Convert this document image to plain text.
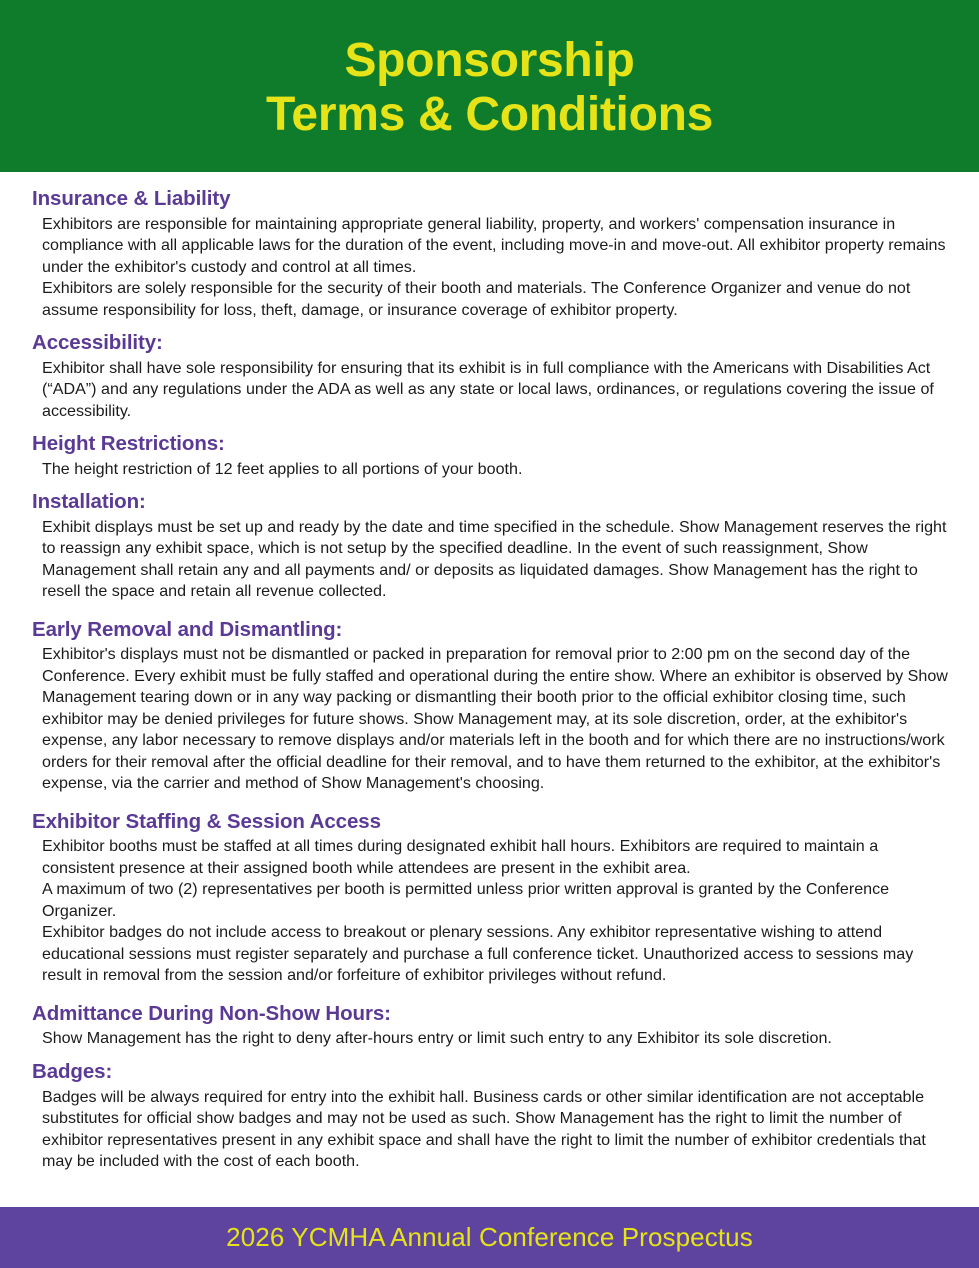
Sponsorship
Terms & Conditions
Insurance & Liability

Exhibitors are responsible for maintaining appropriate general liability, property, and workers' compensation insurance in compliance with all applicable laws for the duration of the event, including move-in and move-out. All exhibitor property remains under the exhibitor's custody and control at all times.

Exhibitors are solely responsible for the security of their booth and materials. The Conference Organizer and venue do not assume responsibility for loss, theft, damage, or insurance coverage of exhibitor property.

Accessibility:

Exhibitor shall have sole responsibility for ensuring that its exhibit is in full compliance with the Americans with Disabilities Act (“ADA”) and any regulations under the ADA as well as any state or local laws, ordinances, or regulations covering the issue of accessibility.

Height Restrictions:

The height restriction of 12 feet applies to all portions of your booth.

Installation:

Exhibit displays must be set up and ready by the date and time specified in the schedule. Show Management reserves the right to reassign any exhibit space, which is not setup by the specified deadline. In the event of such reassignment, Show Management shall retain any and all payments and/ or deposits as liquidated damages. Show Management has the right to resell the space and retain all revenue collected.

Early Removal and Dismantling:

Exhibitor's displays must not be dismantled or packed in preparation for removal prior to 2:00 pm on the second day of the Conference. Every exhibit must be fully staffed and operational during the entire show. Where an exhibitor is observed by Show Management tearing down or in any way packing or dismantling their booth prior to the official exhibitor closing time, such exhibitor may be denied privileges for future shows. Show Management may, at its sole discretion, order, at the exhibitor's expense, any labor necessary to remove displays and/or materials left in the booth and for which there are no instructions/work orders for their removal after the official deadline for their removal, and to have them returned to the exhibitor, at the exhibitor's expense, via the carrier and method of Show Management's choosing.

Exhibitor Staffing & Session Access

Exhibitor booths must be staffed at all times during designated exhibit hall hours. Exhibitors are required to maintain a consistent presence at their assigned booth while attendees are present in the exhibit area.

A maximum of two (2) representatives per booth is permitted unless prior written approval is granted by the Conference Organizer.

Exhibitor badges do not include access to breakout or plenary sessions. Any exhibitor representative wishing to attend educational sessions must register separately and purchase a full conference ticket. Unauthorized access to sessions may result in removal from the session and/or forfeiture of exhibitor privileges without refund.

Admittance During Non-Show Hours:

Show Management has the right to deny after-hours entry or limit such entry to any Exhibitor its sole discretion.

Badges:

Badges will be always required for entry into the exhibit hall. Business cards or other similar identification are not acceptable substitutes for official show badges and may not be used as such. Show Management has the right to limit the number of exhibitor representatives present in any exhibit space and shall have the right to limit the number of exhibitor credentials that may be included with the cost of each booth.

2026 YCMHA Annual Conference Prospectus
